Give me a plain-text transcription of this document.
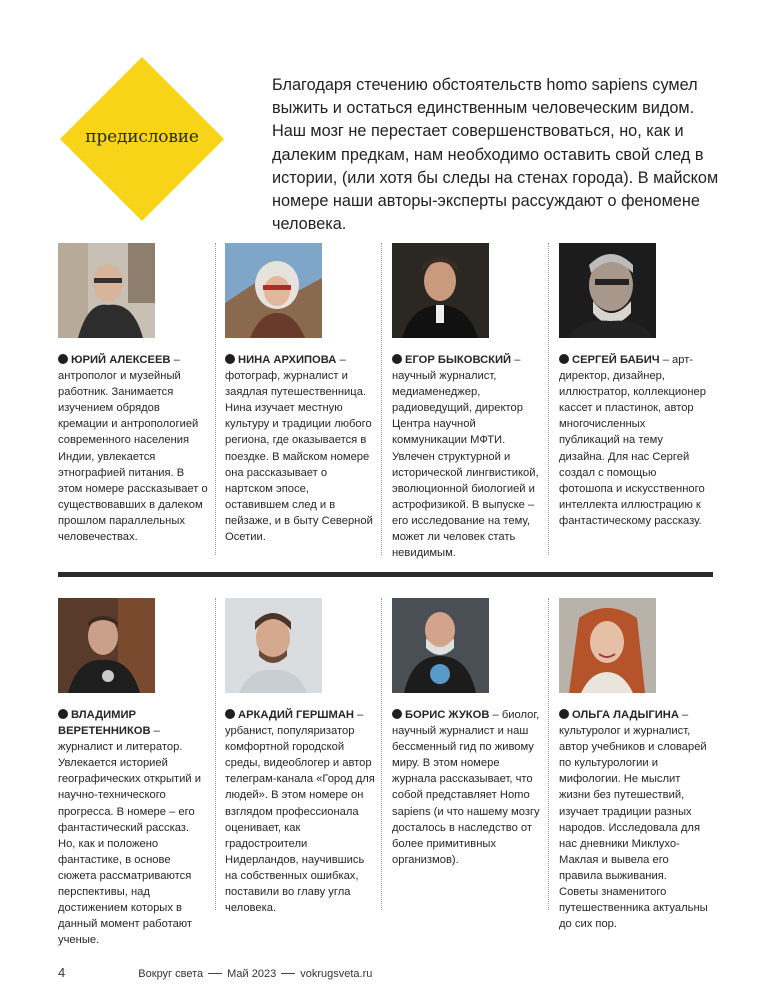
предисловие
Благодаря стечению обстоятельств homo sapiens сумел выжить и остаться единственным человеческим видом. Наш мозг не перестает совершенствоваться, но, как и далеким предкам, нам необходимо оставить свой след в истории, (или хотя бы следы на стенах города). В майском номере наши авторы-эксперты рассуждают о феномене человека.
ЮРИЙ АЛЕКСЕЕВ – антрополог и музейный работник. Занимается изучением обрядов кремации и антропологией современного населения Индии, увлекается этнографией питания. В этом номере рассказывает о существовавших в далеком прошлом параллельных человечествах.
НИНА АРХИПОВА – фотограф, журналист и заядлая путешественница. Нина изучает местную культуру и традиции любого региона, где оказывается в поездке. В майском номере она рассказывает о нартском эпосе, оставившем след и в пейзаже, и в быту Северной Осетии.
ЕГОР БЫКОВСКИЙ – научный журналист, медиаменеджер, радиоведущий, директор Центра научной коммуникации МФТИ. Увлечен структурной и исторической лингвистикой, эволюционной биологией и астрофизикой. В выпуске – его исследование на тему, может ли человек стать невидимым.
СЕРГЕЙ БАБИЧ – арт-директор, дизайнер, иллюстратор, коллекционер кассет и пластинок, автор многочисленных публикаций на тему дизайна. Для нас Сергей создал с помощью фотошопа и искусственного интеллекта иллюстрацию к фантастическому рассказу.
ВЛАДИМИР ВЕРЕТЕННИКОВ – журналист и литератор. Увлекается историей географических открытий и научно-технического прогресса. В номере – его фантастический рассказ. Но, как и положено фантастике, в основе сюжета рассматриваются перспективы, над достижением которых в данный момент работают ученые.
АРКАДИЙ ГЕРШМАН – урбанист, популяризатор комфортной городской среды, видеоблогер и автор телеграм-канала «Город для людей». В этом номере он взглядом профессионала оценивает, как градостроители Нидерландов, научившись на собственных ошибках, поставили во главу угла человека.
БОРИС ЖУКОВ – биолог, научный журналист и наш бессменный гид по живому миру. В этом номере журнала рассказывает, что собой представляет Homo sapiens (и что нашему мозгу досталось в наследство от более примитивных организмов).
ОЛЬГА ЛАДЫГИНА – культуролог и журналист, автор учебников и словарей по культурологии и мифологии. Не мыслит жизни без путешествий, изучает традиции разных народов. Исследовала для нас дневники Миклухо-Маклая и вывела его правила выживания. Советы знаменитого путешественника актуальны до сих пор.
4	Вокруг света Май 2023 vokrugsveta.ru
